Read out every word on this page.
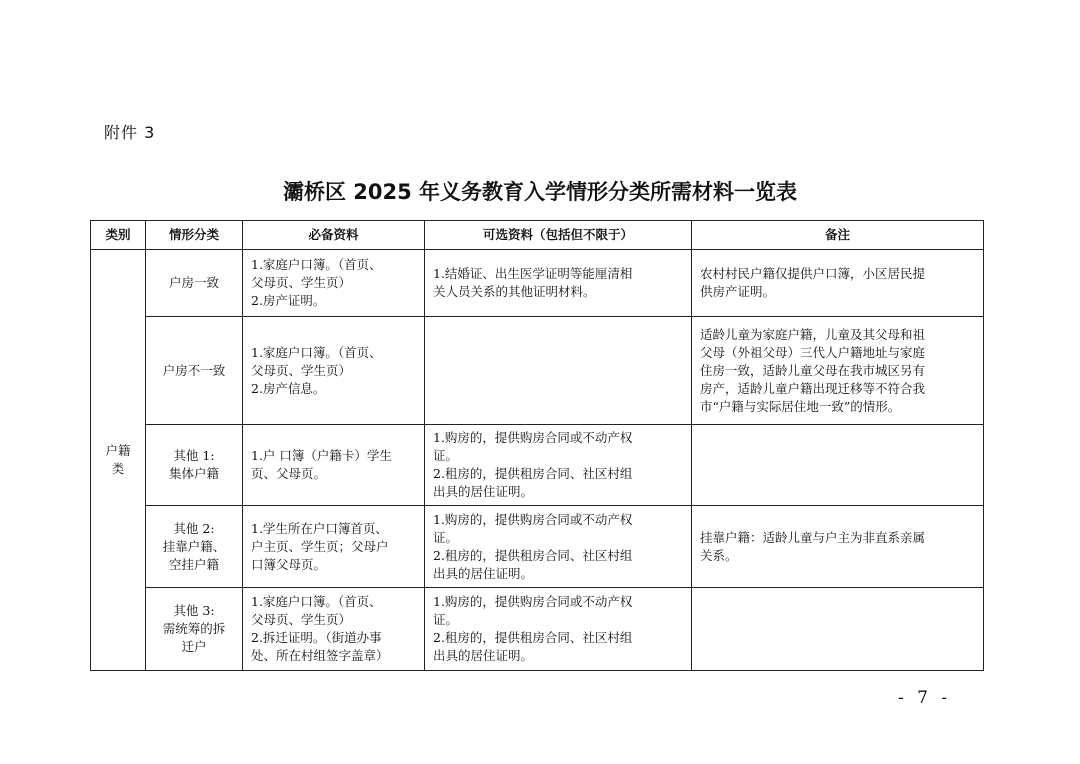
附件 3
灞桥区 2025 年义务教育入学情形分类所需材料一览表
类别	情形分类	必备资料	可选资料（包括但不限于）	备注

户籍
类	户房一致	1.家庭户口簿。（首页、
父母页、学生页）
2.房产证明。	1.结婚证、出生医学证明等能厘清相
关人员关系的其他证明材料。	农村村民户籍仅提供户口簿，小区居民提
供房产证明。

	户房不一致	1.家庭户口簿。（首页、
父母页、学生页）
2.房产信息。		适龄儿童为家庭户籍，儿童及其父母和祖
父母（外祖父母）三代人户籍地址与家庭
住房一致，适龄儿童父母在我市城区另有
房产，适龄儿童户籍出现迁移等不符合我
市“户籍与实际居住地一致”的情形。

	其他 1:
集体户籍	1.户 口簿（户籍卡）学生
页、父母页。	1.购房的，提供购房合同或不动产权
证。
2.租房的，提供租房合同、社区村组
出具的居住证明。	

	其他 2:
挂靠户籍、
空挂户籍	1.学生所在户口簿首页、
户主页、学生页；父母户
口簿父母页。	1.购房的，提供购房合同或不动产权
证。
2.租房的，提供租房合同、社区村组
出具的居住证明。	挂靠户籍：适龄儿童与户主为非直系亲属
关系。

	其他 3:
需统筹的拆
迁户	1.家庭户口簿。（首页、
父母页、学生页）
2.拆迁证明。（街道办事
处、所在村组签字盖章）	1.购房的，提供购房合同或不动产权
证。
2.租房的，提供租房合同、社区村组
出具的居住证明。	

- 7 -
